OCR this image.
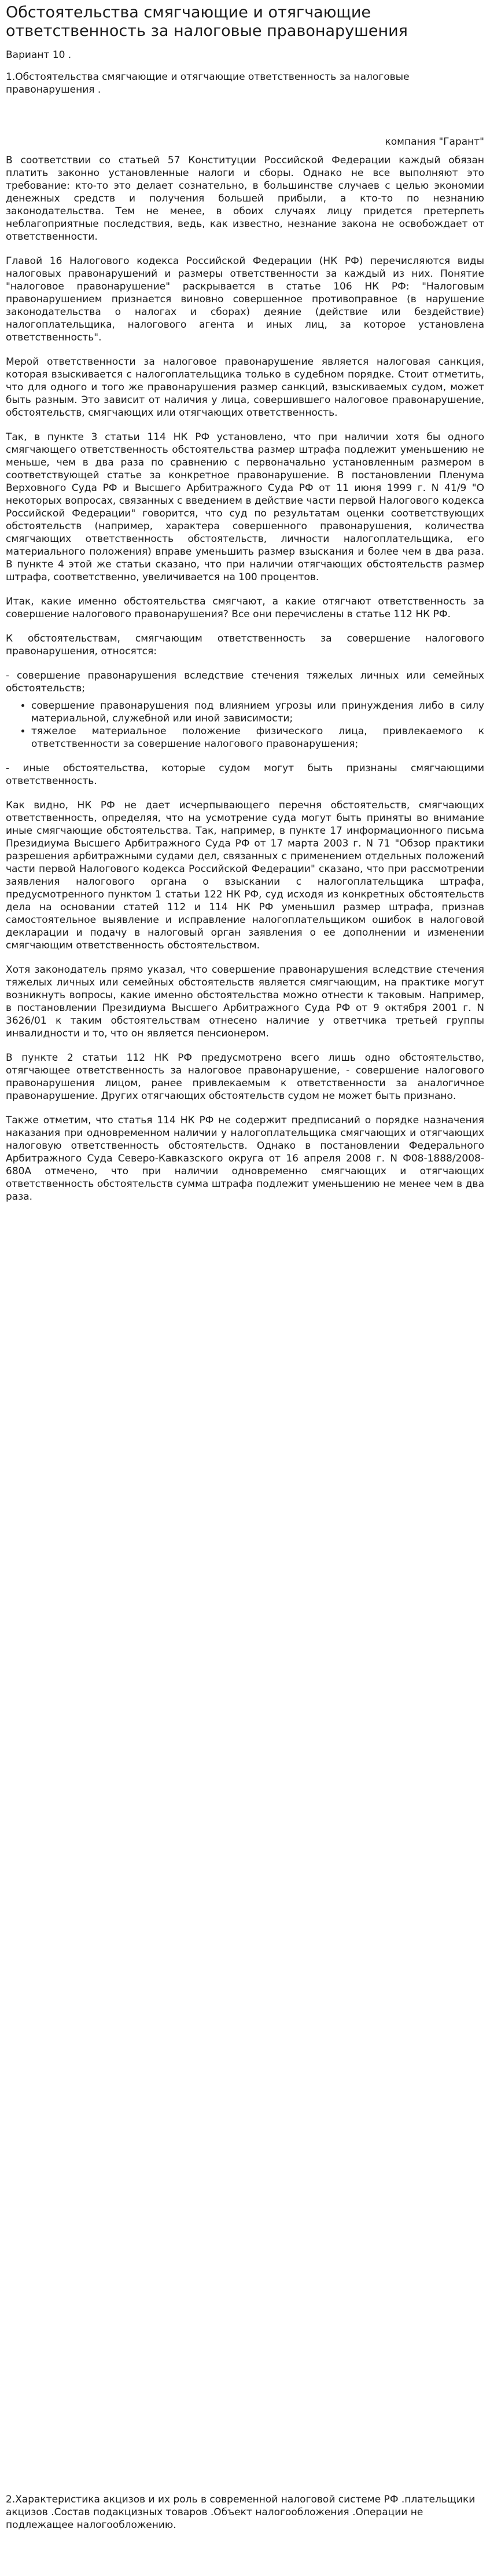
Обстоятельства смягчающие и отягчающие ответственность за налоговые правонарушения
Вариант 10 .
1.Обстоятельства смягчающие и отягчающие ответственность за налоговые правонарушения .
компания "Гарант"

В соответствии со статьей 57 Конституции Российской Федерации каждый обязан платить законно установленные налоги и сборы. Однако не все выполняют это требование: кто-то это делает сознательно, в большинстве случаев с целью экономии денежных средств и получения большей прибыли, а кто-то по незнанию законодательства. Тем не менее, в обоих случаях лицу придется претерпеть неблагоприятные последствия, ведь, как известно, незнание закона не освобождает от ответственности.

Главой 16 Налогового кодекса Российской Федерации (НК РФ) перечисляются виды налоговых правонарушений и размеры ответственности за каждый из них. Понятие "налоговое правонарушение" раскрывается в статье 106 НК РФ: "Налоговым правонарушением признается виновно совершенное противоправное (в нарушение законодательства о налогах и сборах) деяние (действие или бездействие) налогоплательщика, налогового агента и иных лиц, за которое установлена ответственность".

Мерой ответственности за налоговое правонарушение является налоговая санкция, которая взыскивается с налогоплательщика только в судебном порядке. Стоит отметить, что для одного и того же правонарушения размер санкций, взыскиваемых судом, может быть разным. Это зависит от наличия у лица, совершившего налоговое правонарушение, обстоятельств, смягчающих или отягчающих ответственность.

Так, в пункте 3 статьи 114 НК РФ установлено, что при наличии хотя бы одного смягчающего ответственность обстоятельства размер штрафа подлежит уменьшению не меньше, чем в два раза по сравнению с первоначально установленным размером в соответствующей статье за конкретное правонарушение. В постановлении Пленума Верховного Суда РФ и Высшего Арбитражного Суда РФ от 11 июня 1999 г. N 41/9 "О некоторых вопросах, связанных с введением в действие части первой Налогового кодекса Российской Федерации" говорится, что суд по результатам оценки соответствующих обстоятельств (например, характера совершенного правонарушения, количества смягчающих ответственность обстоятельств, личности налогоплательщика, его материального положения) вправе уменьшить размер взыскания и более чем в два раза. В пункте 4 этой же статьи сказано, что при наличии отягчающих обстоятельств размер штрафа, соответственно, увеличивается на 100 процентов.

Итак, какие именно обстоятельства смягчают, а какие отягчают ответственность за совершение налогового правонарушения? Все они перечислены в статье 112 НК РФ.

К обстоятельствам, смягчающим ответственность за совершение налогового правонарушения, относятся:

- совершение правонарушения вследствие стечения тяжелых личных или семейных обстоятельств;

• совершение правонарушения под влиянием угрозы или принуждения либо в силу материальной, служебной или иной зависимости;
• тяжелое материальное положение физического лица, привлекаемого к ответственности за совершение налогового правонарушения;

- иные обстоятельства, которые судом могут быть признаны смягчающими ответственность.

Как видно, НК РФ не дает исчерпывающего перечня обстоятельств, смягчающих ответственность, определяя, что на усмотрение суда могут быть приняты во внимание иные смягчающие обстоятельства. Так, например, в пункте 17 информационного письма Президиума Высшего Арбитражного Суда РФ от 17 марта 2003 г. N 71 "Обзор практики разрешения арбитражными судами дел, связанных с применением отдельных положений части первой Налогового кодекса Российской Федерации" сказано, что при рассмотрении заявления налогового органа о взыскании с налогоплательщика штрафа, предусмотренного пунктом 1 статьи 122 НК РФ, суд исходя из конкретных обстоятельств дела на основании статей 112 и 114 НК РФ уменьшил размер штрафа, признав самостоятельное выявление и исправление налогоплательщиком ошибок в налоговой декларации и подачу в налоговый орган заявления о ее дополнении и изменении смягчающим ответственность обстоятельством.

Хотя законодатель прямо указал, что совершение правонарушения вследствие стечения тяжелых личных или семейных обстоятельств является смягчающим, на практике могут возникнуть вопросы, какие именно обстоятельства можно отнести к таковым. Например, в постановлении Президиума Высшего Арбитражного Суда РФ от 9 октября 2001 г. N 3626/01 к таким обстоятельствам отнесено наличие у ответчика третьей группы инвалидности и то, что он является пенсионером.

В пункте 2 статьи 112 НК РФ предусмотрено всего лишь одно обстоятельство, отягчающее ответственность за налоговое правонарушение, - совершение налогового правонарушения лицом, ранее привлекаемым к ответственности за аналогичное правонарушение. Других отягчающих обстоятельств судом не может быть признано.

Также отметим, что статья 114 НК РФ не содержит предписаний о порядке назначения наказания при одновременном наличии у налогоплательщика смягчающих и отягчающих налоговую ответственность обстоятельств. Однако в постановлении Федерального Арбитражного Суда Северо-Кавказского округа от 16 апреля 2008 г. N Ф08-1888/2008-680А отмечено, что при наличии одновременно смягчающих и отягчающих ответственность обстоятельств сумма штрафа подлежит уменьшению не менее чем в два раза.

2.Характеристика акцизов и их роль в современной налоговой системе РФ .плательщики акцизов .Состав подакцизных товаров .Объект налогообложения .Операции не подлежащее налогообложению.
